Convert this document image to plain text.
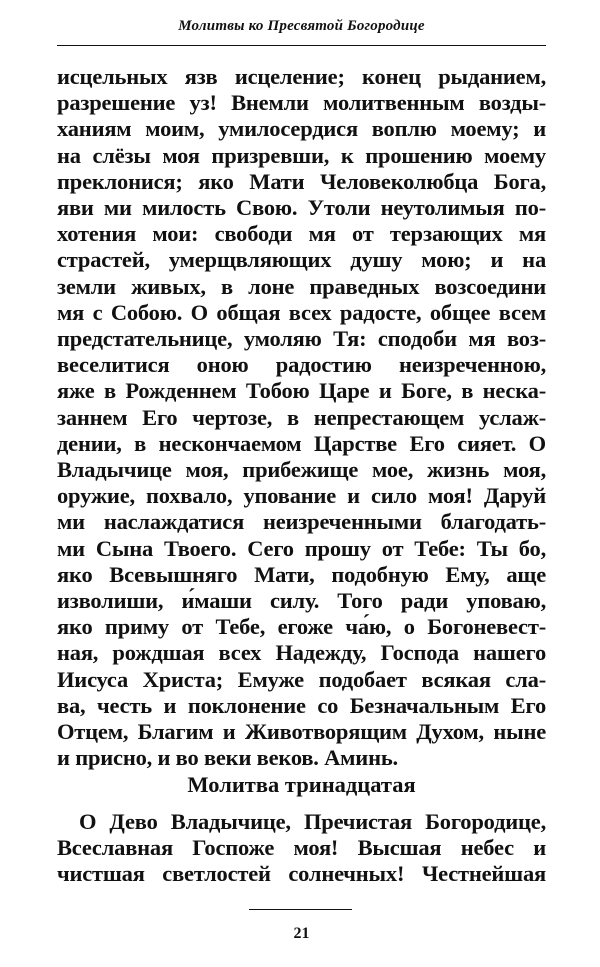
Молитвы ко Пресвятой Богородице
исцельных язв исцеление; конец рыданием,
разрешение уз! Внемли молитвенным возды-
ханиям моим, умилосердися воплю моему; и
на слёзы моя призревши, к прошению моему
преклонися; яко Мати Человеколюбца Бога,
яви ми милость Свою. Утоли неутолимыя по-
хотения мои: свободи мя от терзающих мя
страстей, умерщвляющих душу мою; и на
земли живых, в лоне праведных возсоедини
мя с Собою. О общая всех радосте, общее всем
предстательнице, умоляю Тя: сподоби мя воз-
веселитися оною радостию неизреченною,
яже в Рожденнем Тобою Царе и Боге, в неска-
заннем Его чертозе, в непрестающем услаж-
дении, в нескончаемом Царстве Его сияет. О
Владычице моя, прибежище мое, жизнь моя,
оружие, похвало, упование и сило моя! Даруй
ми наслаждатися неизреченными благодать-
ми Сына Твоего. Сего прошу от Тебе: Ты бо,
яко Всевышняго Мати, подобную Ему, аще
изволиши, и́маши силу. Того ради уповаю,
яко приму от Тебе, егоже ча́ю, о Богоневест-
ная, рождшая всех Надежду, Господа нашего
Иисуса Христа; Емуже подобает всякая сла-
ва, честь и поклонение со Безначальным Его
Отцем, Благим и Животворящим Духом, ныне
и присно, и во веки веков. Аминь.
Молитва тринадцатая
О Дево Владычице, Пречистая Богородице,
Всеславная Госпоже моя! Высшая небес и
чистшая светлостей солнечных! Честнейшая
21
